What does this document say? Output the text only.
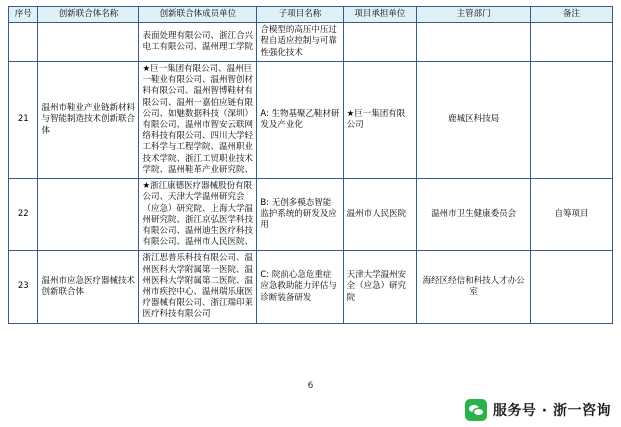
序号	创新联合体名称	创新联合体成员单位	子项目名称	项目承担单位	主管部门	备注
		表面处理有限公司、浙江合兴电工有限公司、温州理工学院	合模型的高压中压过程自适应控制与可靠性强化技术			
21	温州市鞋业产业链新材料与智能制造技术创新联合体	★巨一集团有限公司、温州巨一鞋业有限公司、温州智创材料有限公司、温州智博鞋材有限公司、温州一嘉伯应链有限公司、如魅数据科技（深圳）有限公司、温州市智安云联网络科技有限公司、四川大学轻工科学与工程学院、温州职业技术学院、浙江工贸职业技术学院、温州鞋革产业研究院、	A: 生物基聚乙鞋材研发及产业化	★巨一集团有限公司	鹿城区科技局	
22		★浙江康德医疗器械股份有限公司、天津大学温州研究会（应急）研究院、上海大学温州研究院、浙江京弘医学科技有限公司、温州迪生医疗科技有限公司、温州市人民医院、	B: 无创多模态智能监护系统的研发及应用	温州市人民医院	温州市卫生健康委员会	自筹项目
23	温州市应急医疗器械技术创新联合体	浙江思普乐科技有限公司、温州医科大学附属第一医院、温州医科大学附属第二医院、温州市疾控中心、温州瑞乐康医疗器械有限公司、浙江瑞印莱医疗科技有限公司	C: 院前心急危重症应急救助能力评估与诊断装备研发	天津大学温州安全（应急）研究院	海经区经信和科技人才办公室	
6
服务号 · 浙一咨询
